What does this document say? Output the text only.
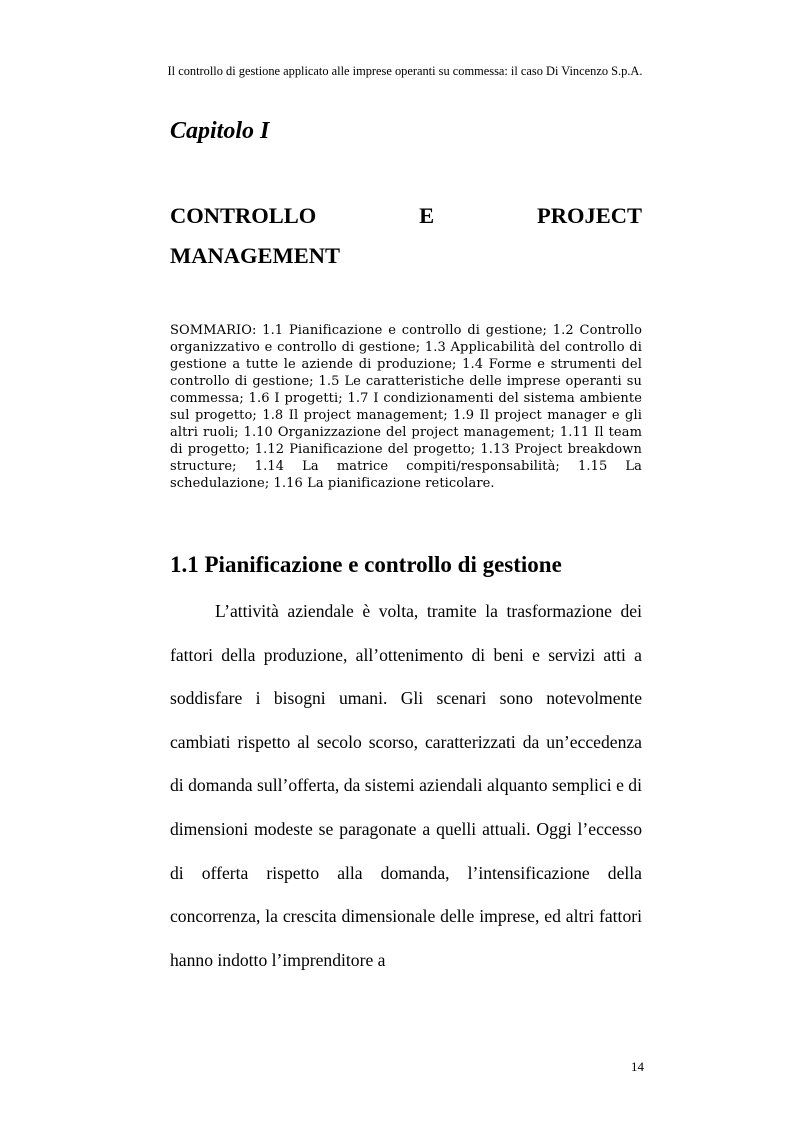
Il controllo di gestione applicato alle imprese operanti su commessa: il caso Di Vincenzo S.p.A.
Capitolo I
CONTROLLO	E	PROJECT
MANAGEMENT
SOMMARIO: 1.1 Pianificazione e controllo di gestione; 1.2 Controllo organizzativo e controllo di gestione; 1.3 Applicabilità del controllo di gestione a tutte le aziende di produzione; 1.4 Forme e strumenti del controllo di gestione; 1.5 Le caratteristiche delle imprese operanti su commessa; 1.6 I progetti; 1.7 I condizionamenti del sistema ambiente sul progetto; 1.8 Il project management; 1.9 Il project manager e gli altri ruoli; 1.10 Organizzazione del project management; 1.11 Il team di progetto; 1.12 Pianificazione del progetto; 1.13 Project breakdown structure; 1.14 La matrice compiti/responsabilità; 1.15 La schedulazione; 1.16 La pianificazione reticolare.
1.1 Pianificazione e controllo di gestione

L’attività aziendale è volta, tramite la trasformazione dei fattori della produzione, all’ottenimento di beni e servizi atti a soddisfare i bisogni umani. Gli scenari sono notevolmente cambiati rispetto al secolo scorso, caratterizzati da un’eccedenza di domanda sull’offerta, da sistemi aziendali alquanto semplici e di dimensioni modeste se paragonate a quelli attuali. Oggi l’eccesso di offerta rispetto alla domanda, l’intensificazione della concorrenza, la crescita dimensionale delle imprese, ed altri fattori hanno indotto l’imprenditore a

14
